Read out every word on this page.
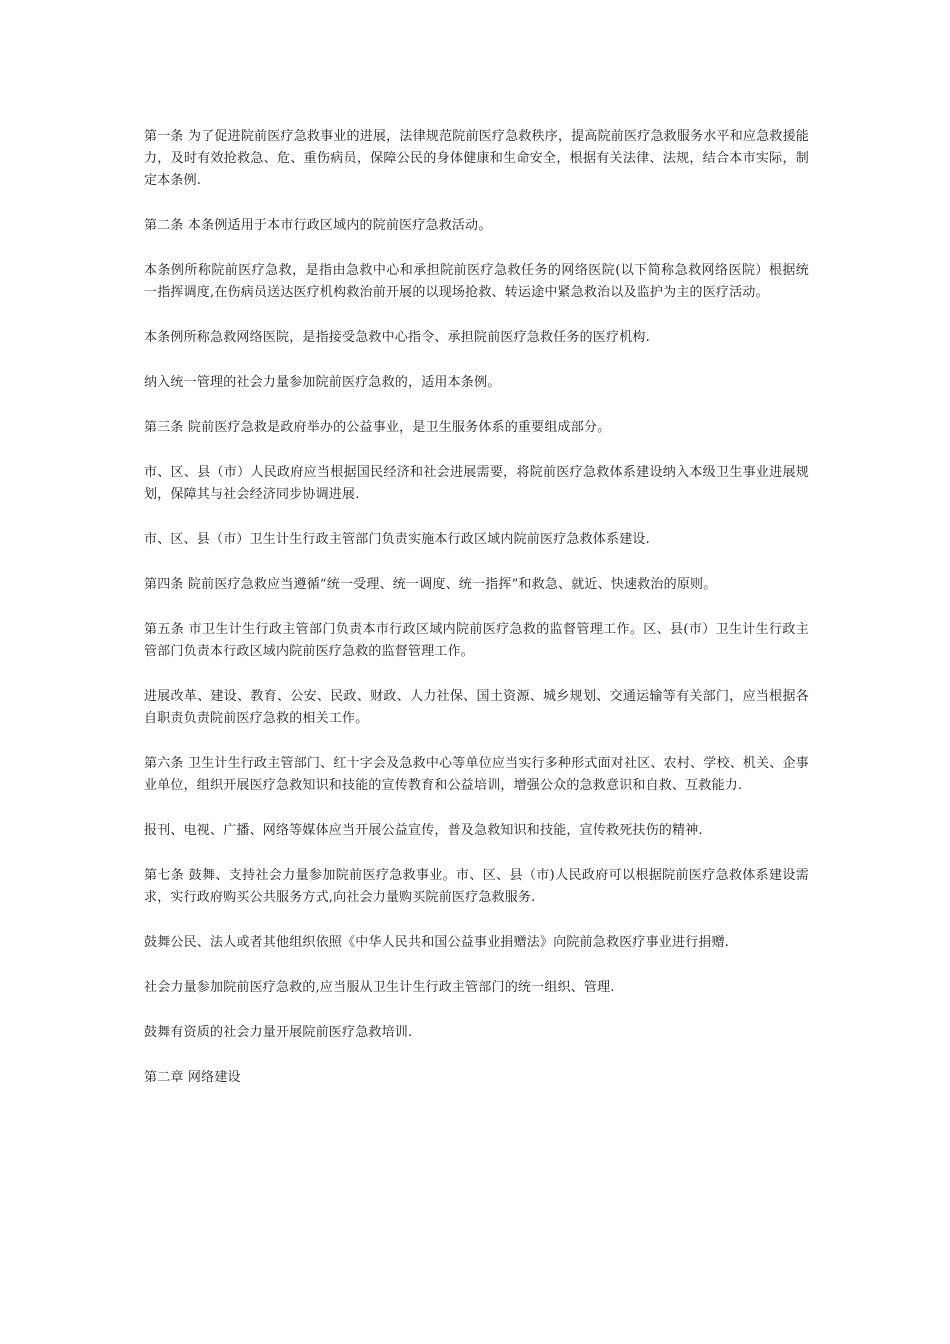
第一条 为了促进院前医疗急救事业的进展，法律规范院前医疗急救秩序，提高院前医疗急救服务水平和应急救援能力，及时有效抢救急、危、重伤病员，保障公民的身体健康和生命安全，根据有关法律、法规，结合本市实际，制定本条例.

第二条 本条例适用于本市行政区域内的院前医疗急救活动。

本条例所称院前医疗急救，是指由急救中心和承担院前医疗急救任务的网络医院(以下简称急救网络医院）根据统一指挥调度,在伤病员送达医疗机构救治前开展的以现场抢救、转运途中紧急救治以及监护为主的医疗活动。

本条例所称急救网络医院，是指接受急救中心指令、承担院前医疗急救任务的医疗机构.

纳入统一管理的社会力量参加院前医疗急救的，适用本条例。

第三条 院前医疗急救是政府举办的公益事业，是卫生服务体系的重要组成部分。

市、区、县（市）人民政府应当根据国民经济和社会进展需要，将院前医疗急救体系建设纳入本级卫生事业进展规划，保障其与社会经济同步协调进展.

市、区、县（市）卫生计生行政主管部门负责实施本行政区域内院前医疗急救体系建设.

第四条 院前医疗急救应当遵循“统一受理、统一调度、统一指挥”和救急、就近、快速救治的原则。

第五条 市卫生计生行政主管部门负责本市行政区域内院前医疗急救的监督管理工作。区、县(市）卫生计生行政主管部门负责本行政区域内院前医疗急救的监督管理工作。

进展改革、建设、教育、公安、民政、财政、人力社保、国土资源、城乡规划、交通运输等有关部门，应当根据各自职责负责院前医疗急救的相关工作。

第六条 卫生计生行政主管部门、红十字会及急救中心等单位应当实行多种形式面对社区、农村、学校、机关、企事业单位，组织开展医疗急救知识和技能的宣传教育和公益培训，增强公众的急救意识和自救、互救能力.

报刊、电视、广播、网络等媒体应当开展公益宣传，普及急救知识和技能，宣传救死扶伤的精神.

第七条 鼓舞、支持社会力量参加院前医疗急救事业。市、区、县（市)人民政府可以根据院前医疗急救体系建设需求，实行政府购买公共服务方式,向社会力量购买院前医疗急救服务.

鼓舞公民、法人或者其他组织依照《中华人民共和国公益事业捐赠法》向院前急救医疗事业进行捐赠.

社会力量参加院前医疗急救的,应当服从卫生计生行政主管部门的统一组织、管理.

鼓舞有资质的社会力量开展院前医疗急救培训.

第二章 网络建设
